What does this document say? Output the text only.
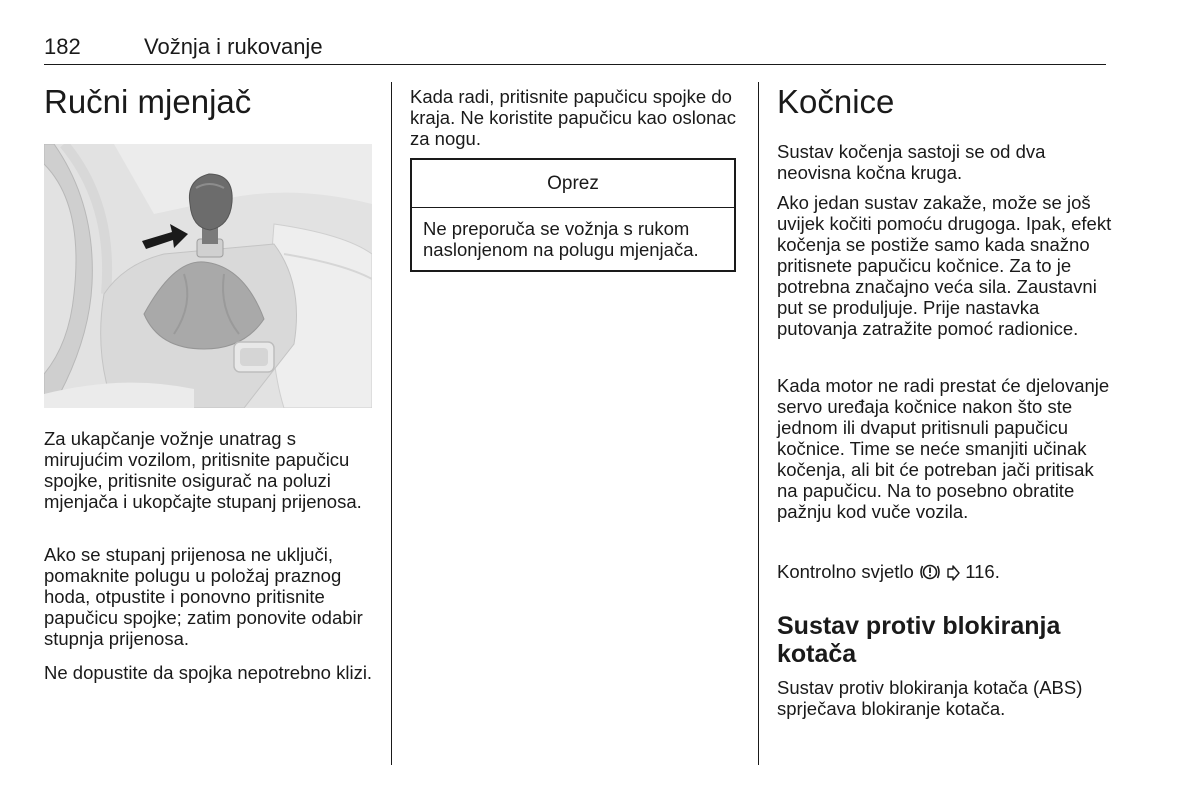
182	Vožnja i rukovanje
Ručni mjenjač

Za ukapčanje vožnje unatrag s mirujućim vozilom, pritisnite papučicu spojke, pritisnite osigurač na poluzi mjenjača i ukopčajte stupanj prijenosa.

Ako se stupanj prijenosa ne uključi, pomaknite polugu u položaj praznog hoda, otpustite i ponovno pritisnite papučicu spojke; zatim ponovite odabir stupnja prijenosa.

Ne dopustite da spojka nepotrebno klizi.

Kada radi, pritisnite papučicu spojke do kraja. Ne koristite papučicu kao oslonac za nogu.

Oprez
Ne preporuča se vožnja s rukom naslonjenom na polugu mjenjača.
Kočnice

Sustav kočenja sastoji se od dva neovisna kočna kruga.

Ako jedan sustav zakaže, može se još uvijek kočiti pomoću drugoga. Ipak, efekt kočenja se postiže samo kada snažno pritisnete papučicu kočnice. Za to je potrebna značajno veća sila. Zaustavni put se produljuje. Prije nastavka putovanja zatražite pomoć radionice.

Kada motor ne radi prestat će djelovanje servo uređaja kočnice nakon što ste jednom ili dvaput pritisnuli papučicu kočnice. Time se neće smanjiti učinak kočenja, ali bit će potreban jači pritisak na papučicu. Na to posebno obratite pažnju kod vuče vozila.

Kontrolno svjetlo	116.

Sustav protiv blokiranja kotača

Sustav protiv blokiranja kotača (ABS) sprječava blokiranje kotača.
